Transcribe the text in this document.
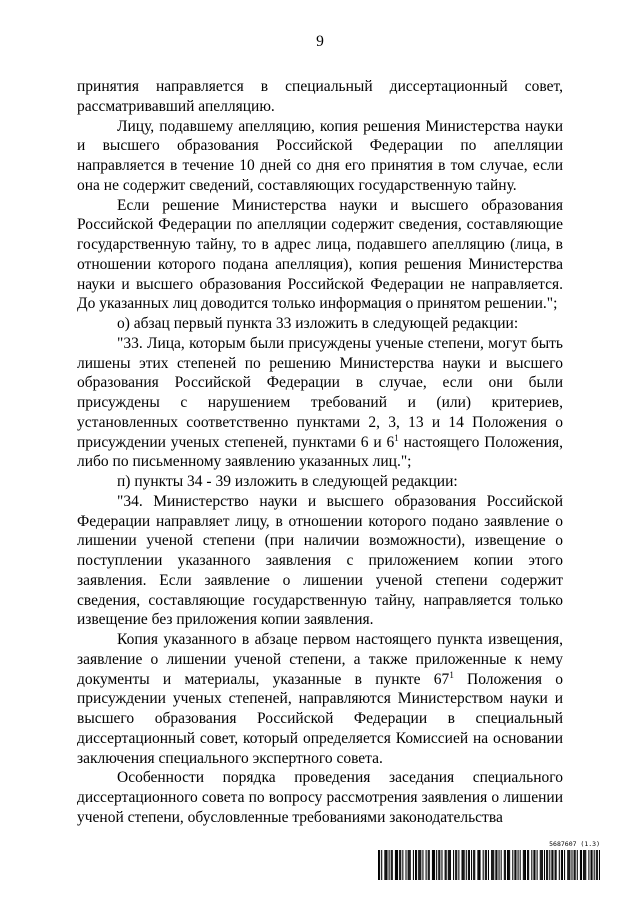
9

принятия направляется в специальный диссертационный совет, рассматривавший апелляцию.

Лицу, подавшему апелляцию, копия решения Министерства науки и высшего образования Российской Федерации по апелляции направляется в течение 10 дней со дня его принятия в том случае, если она не содержит сведений, составляющих государственную тайну.

Если решение Министерства науки и высшего образования Российской Федерации по апелляции содержит сведения, составляющие государственную тайну, то в адрес лица, подавшего апелляцию (лица, в отношении которого подана апелляция), копия решения Министерства науки и высшего образования Российской Федерации не направляется. До указанных лиц доводится только информация о принятом решении.";

о) абзац первый пункта 33 изложить в следующей редакции:

"33. Лица, которым были присуждены ученые степени, могут быть лишены этих степеней по решению Министерства науки и высшего образования Российской Федерации в случае, если они были присуждены с нарушением требований и (или) критериев, установленных соответственно пунктами 2, 3, 13 и 14 Положения о присуждении ученых степеней, пунктами 6 и $6^1$ настоящего Положения, либо по письменному заявлению указанных лиц.";

п) пункты 34 - 39 изложить в следующей редакции:

"34. Министерство науки и высшего образования Российской Федерации направляет лицу, в отношении которого подано заявление о лишении ученой степени (при наличии возможности), извещение о поступлении указанного заявления с приложением копии этого заявления. Если заявление о лишении ученой степени содержит сведения, составляющие государственную тайну, направляется только извещение без приложения копии заявления.

Копия указанного в абзаце первом настоящего пункта извещения, заявление о лишении ученой степени, а также приложенные к нему документы и материалы, указанные в пункте $67^1$ Положения о присуждении ученых степеней, направляются Министерством науки и высшего образования Российской Федерации в специальный диссертационный совет, который определяется Комиссией на основании заключения специального экспертного совета.

Особенности порядка проведения заседания специального диссертационного совета по вопросу рассмотрения заявления о лишении ученой степени, обусловленные требованиями законодательства

5687607 (1.3)
